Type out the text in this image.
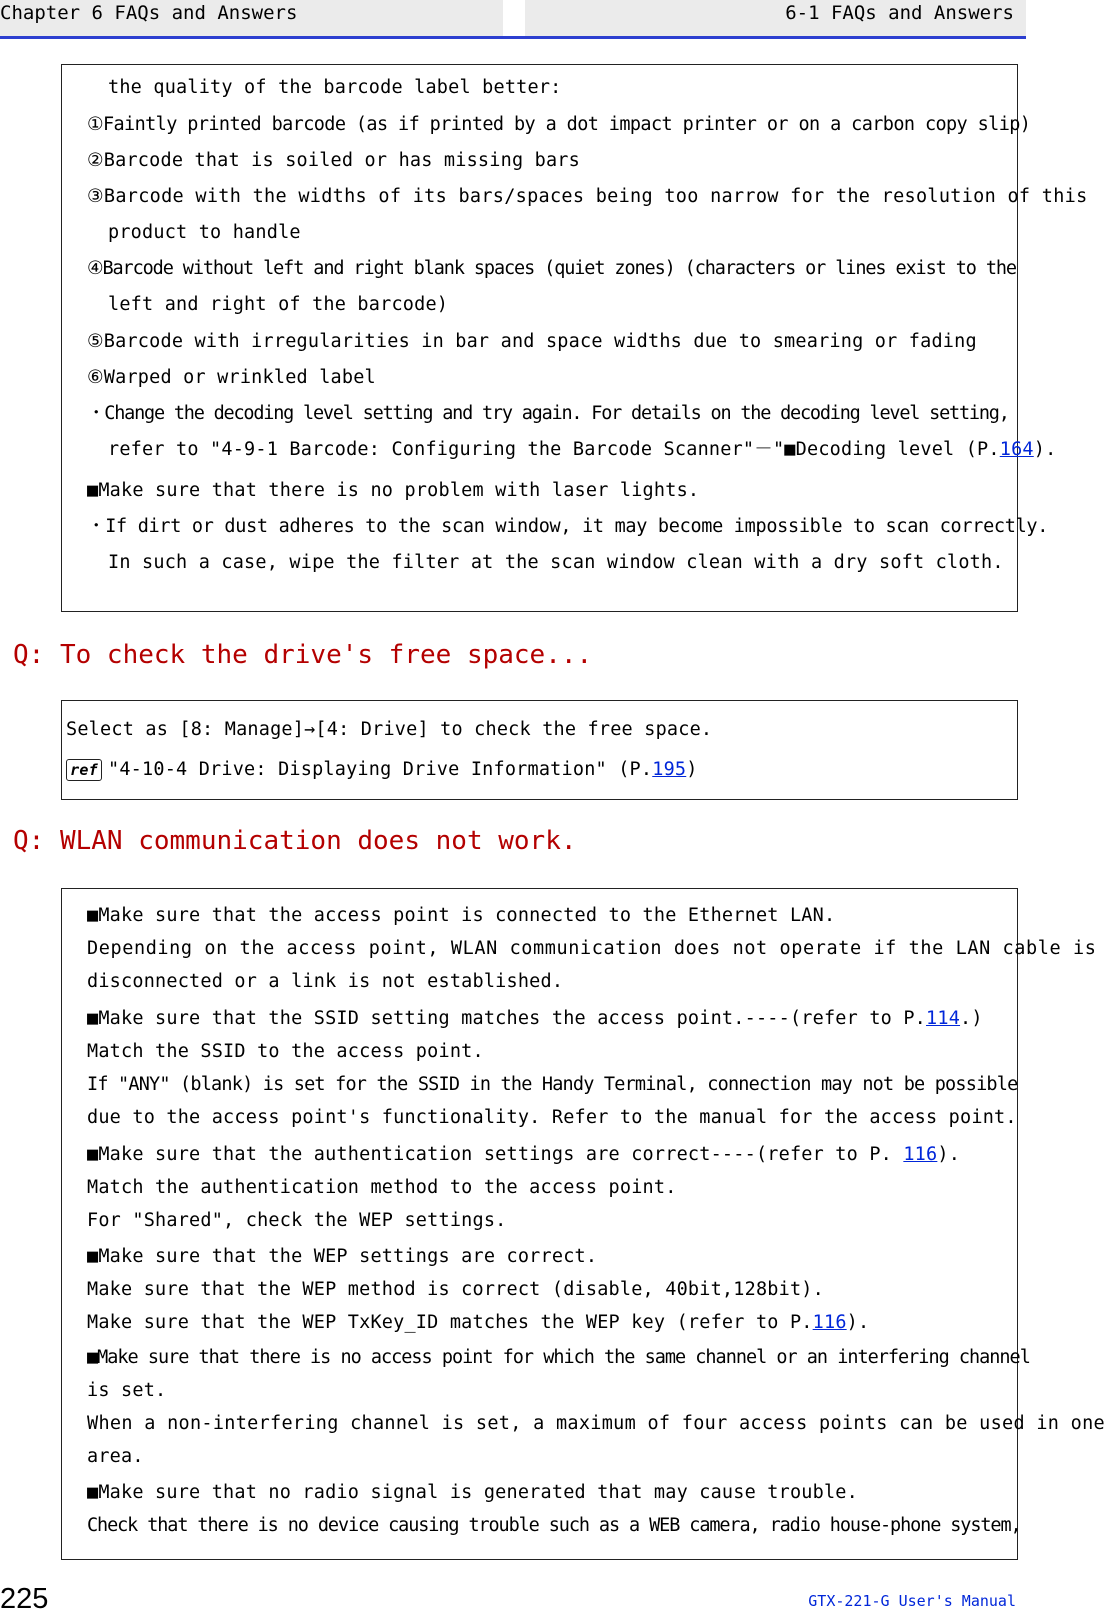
Chapter 6 FAQs and Answers	6-1 FAQs and Answers
the quality of the barcode label better:
①Faintly printed barcode (as if printed by a dot impact printer or on a carbon copy slip)
②Barcode that is soiled or has missing bars
③Barcode with the widths of its bars/spaces being too narrow for the resolution of this
product to handle
④Barcode without left and right blank spaces (quiet zones) (characters or lines exist to the
left and right of the barcode)
⑤Barcode with irregularities in bar and space widths due to smearing or fading
⑥Warped or wrinkled label
・Change the decoding level setting and try again. For details on the decoding level setting,
refer to "4-9-1 Barcode: Configuring the Barcode Scanner"－"■Decoding level (P.164).
■Make sure that there is no problem with laser lights.
・If dirt or dust adheres to the scan window, it may become impossible to scan correctly.
In such a case, wipe the filter at the scan window clean with a dry soft cloth.
Q: To check the drive's free space...
Select as [8: Manage]→[4: Drive] to check the free space.
ref "4-10-4 Drive: Displaying Drive Information" (P.195)
Q: WLAN communication does not work.
■Make sure that the access point is connected to the Ethernet LAN.
Depending on the access point, WLAN communication does not operate if the LAN cable is
disconnected or a link is not established.
■Make sure that the SSID setting matches the access point.----(refer to P.114.)
Match the SSID to the access point.
If "ANY" (blank) is set for the SSID in the Handy Terminal, connection may not be possible
due to the access point's functionality. Refer to the manual for the access point.
■Make sure that the authentication settings are correct----(refer to P. 116).
Match the authentication method to the access point.
For "Shared", check the WEP settings.
■Make sure that the WEP settings are correct.
Make sure that the WEP method is correct (disable, 40bit,128bit).
Make sure that the WEP TxKey_ID matches the WEP key (refer to P.116).
■Make sure that there is no access point for which the same channel or an interfering channel
is set.
When a non-interfering channel is set, a maximum of four access points can be used in one
area.
■Make sure that no radio signal is generated that may cause trouble.
Check that there is no device causing trouble such as a WEB camera, radio house-phone system,
225	GTX-221-G User's Manual
